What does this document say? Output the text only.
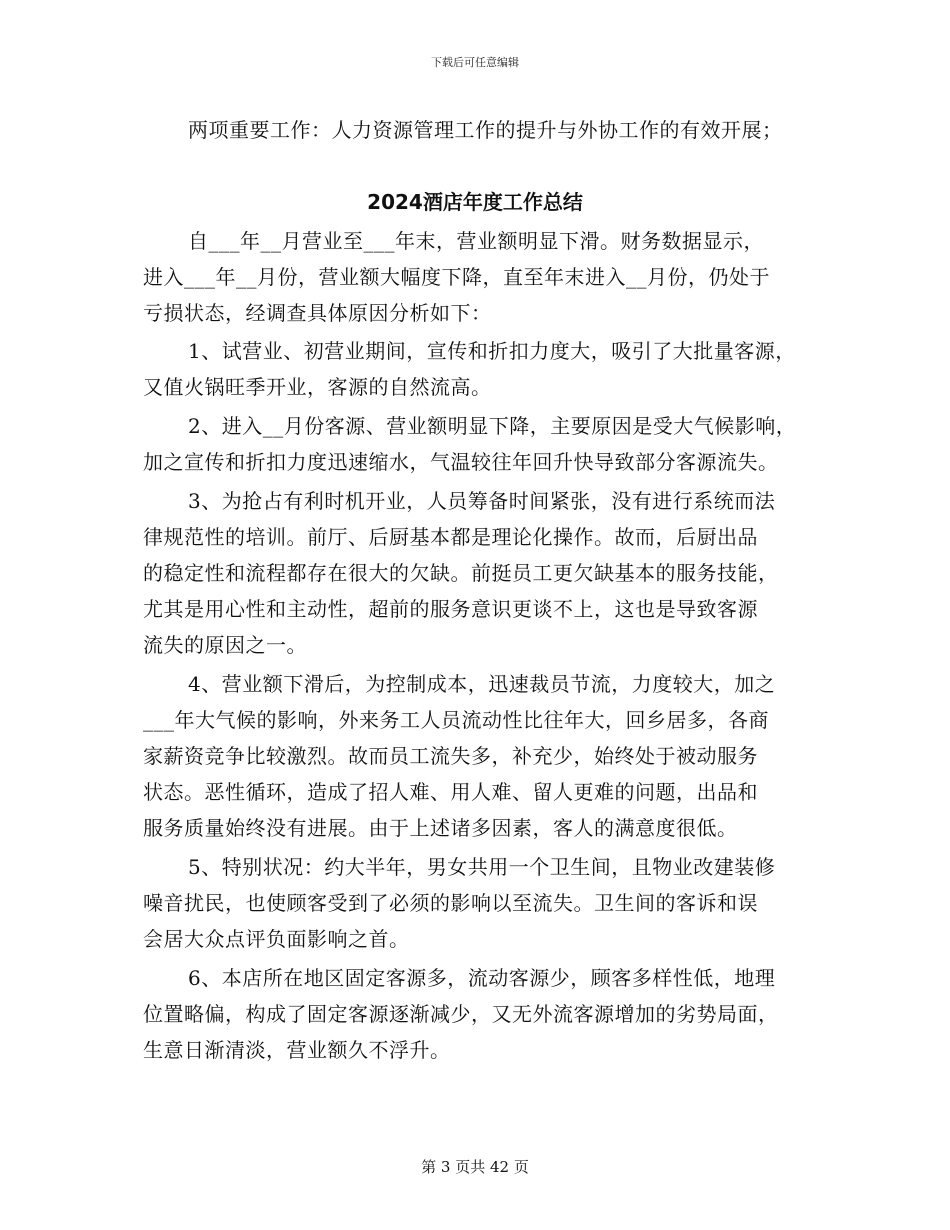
下载后可任意编辑
两项重要工作：人力资源管理工作的提升与外协工作的有效开展；
2024酒店年度工作总结
自___年__月营业至___年末，营业额明显下滑。财务数据显示，
进入___年__月份，营业额大幅度下降，直至年末进入__月份，仍处于
亏损状态，经调查具体原因分析如下：
1、试营业、初营业期间，宣传和折扣力度大，吸引了大批量客源，
又值火锅旺季开业，客源的自然流高。
2、进入__月份客源、营业额明显下降，主要原因是受大气候影响，
加之宣传和折扣力度迅速缩水，气温较往年回升快导致部分客源流失。
3、为抢占有利时机开业，人员筹备时间紧张，没有进行系统而法
律规范性的培训。前厅、后厨基本都是理论化操作。故而，后厨出品
的稳定性和流程都存在很大的欠缺。前挺员工更欠缺基本的服务技能，
尤其是用心性和主动性，超前的服务意识更谈不上，这也是导致客源
流失的原因之一。
4、营业额下滑后，为控制成本，迅速裁员节流，力度较大，加之
___年大气候的影响，外来务工人员流动性比往年大，回乡居多，各商
家薪资竞争比较激烈。故而员工流失多，补充少，始终处于被动服务
状态。恶性循环，造成了招人难、用人难、留人更难的问题，出品和
服务质量始终没有进展。由于上述诸多因素，客人的满意度很低。
5、特别状况：约大半年，男女共用一个卫生间，且物业改建装修
噪音扰民，也使顾客受到了必须的影响以至流失。卫生间的客诉和误
会居大众点评负面影响之首。
6、本店所在地区固定客源多，流动客源少，顾客多样性低，地理
位置略偏，构成了固定客源逐渐减少，又无外流客源增加的劣势局面，
生意日渐清淡，营业额久不浮升。
第 3 页共 42 页
